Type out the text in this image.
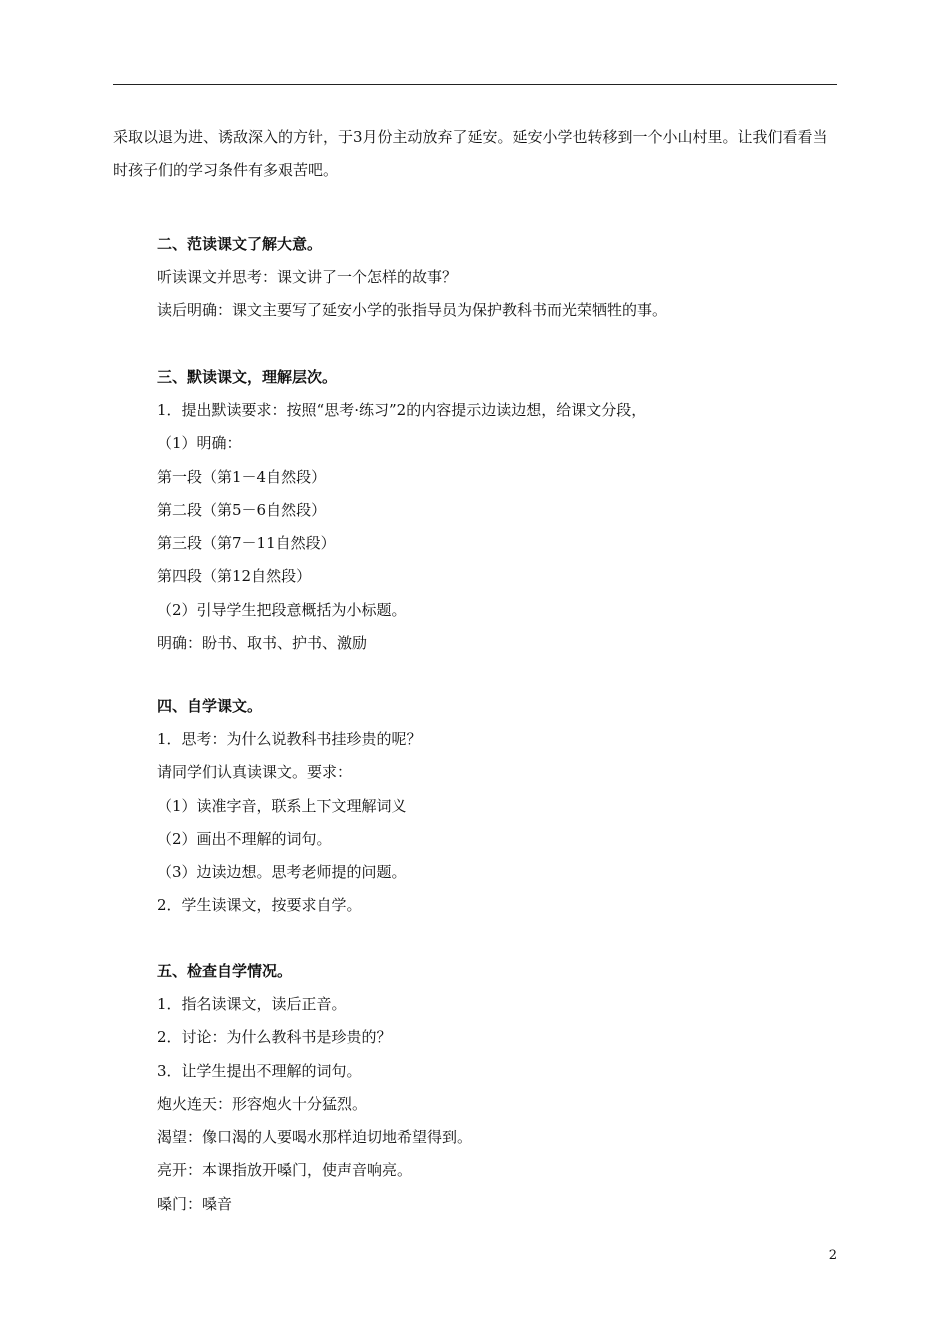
采取以退为进、诱敌深入的方针，于3月份主动放弃了延安。延安小学也转移到一个小山村里。让我们看看当时孩子们的学习条件有多艰苦吧。

二、范读课文了解大意。

听读课文并思考：课文讲了一个怎样的故事？

读后明确：课文主要写了延安小学的张指导员为保护教科书而光荣牺牲的事。

三、默读课文，理解层次。

1．提出默读要求：按照“思考·练习”2的内容提示边读边想，给课文分段，

（1）明确：

第一段（第1－4自然段）

第二段（第5－6自然段）

第三段（第7－11自然段）

第四段（第12自然段）

（2）引导学生把段意概括为小标题。

明确：盼书、取书、护书、激励

四、自学课文。

1．思考：为什么说教科书挂珍贵的呢？

请同学们认真读课文。要求：

（1）读准字音，联系上下文理解词义

（2）画出不理解的词句。

（3）边读边想。思考老师提的问题。

2．学生读课文，按要求自学。

五、检查自学情况。

1．指名读课文，读后正音。

2．讨论：为什么教科书是珍贵的？

3．让学生提出不理解的词句。

炮火连天：形容炮火十分猛烈。

渴望：像口渴的人要喝水那样迫切地希望得到。

亮开：本课指放开嗓门，使声音响亮。

嗓门：嗓音

2
